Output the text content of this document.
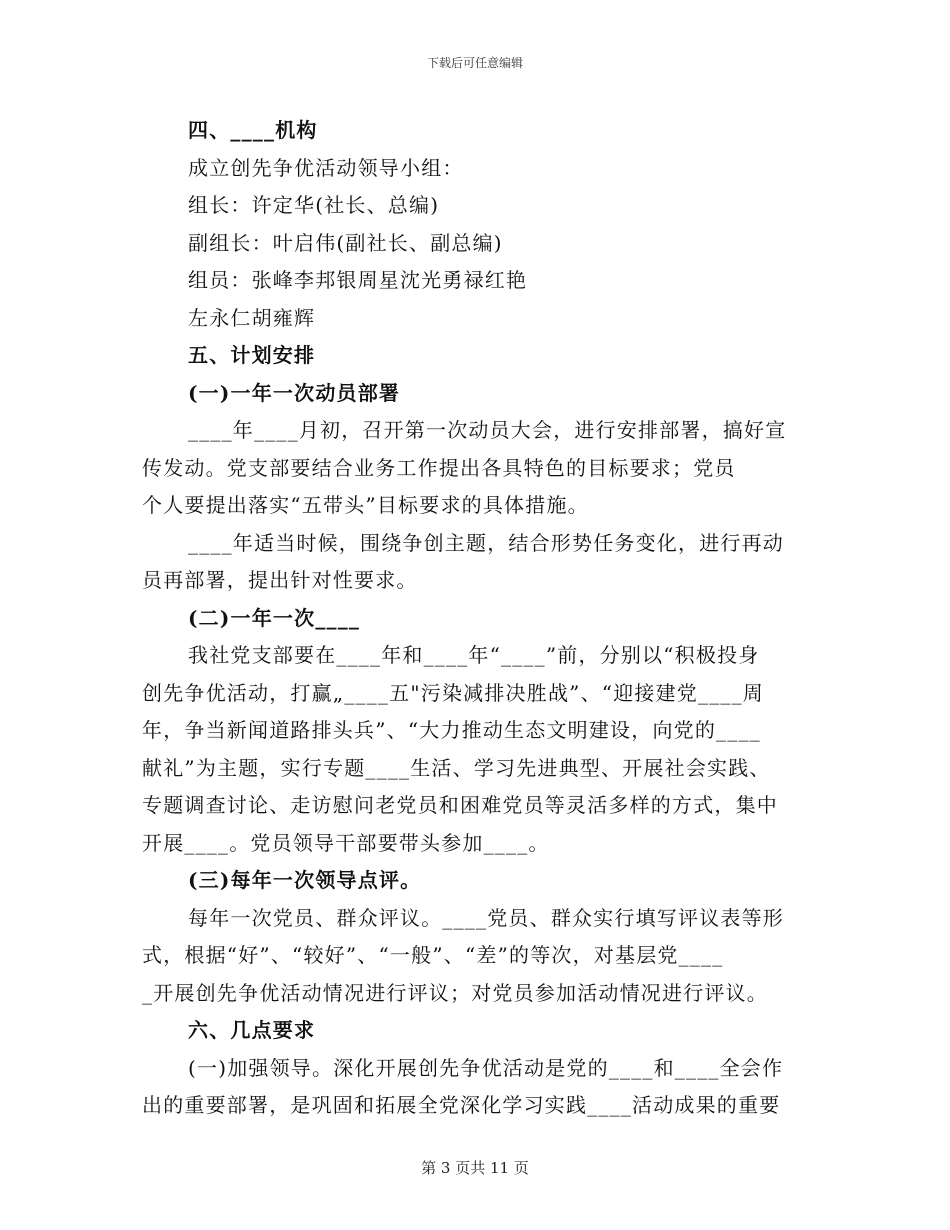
下载后可任意编辑
四、____机构
成立创先争优活动领导小组：
组长：许定华(社长、总编)
副组长：叶启伟(副社长、副总编)
组员：张峰李邦银周星沈光勇禄红艳
左永仁胡雍辉
五、计划安排
(一)一年一次动员部署
____年____月初，召开第一次动员大会，进行安排部署，搞好宣
传发动。党支部要结合业务工作提出各具特色的目标要求；党员
个人要提出落实“五带头”目标要求的具体措施。
____年适当时候，围绕争创主题，结合形势任务变化，进行再动
员再部署，提出针对性要求。
(二)一年一次____
我社党支部要在____年和____年“____”前，分别以“积极投身
创先争优活动，打赢„____五"污染减排决胜战”、“迎接建党____周
年，争当新闻道路排头兵”、“大力推动生态文明建设，向党的____
献礼”为主题，实行专题____生活、学习先进典型、开展社会实践、
专题调查讨论、走访慰问老党员和困难党员等灵活多样的方式，集中
开展____。党员领导干部要带头参加____。
(三)每年一次领导点评。
每年一次党员、群众评议。____党员、群众实行填写评议表等形
式，根据“好”、“较好”、“一般”、“差”的等次，对基层党____
_开展创先争优活动情况进行评议；对党员参加活动情况进行评议。
六、几点要求
(一)加强领导。深化开展创先争优活动是党的____和____全会作
出的重要部署，是巩固和拓展全党深化学习实践____活动成果的重要
第 3 页共 11 页
